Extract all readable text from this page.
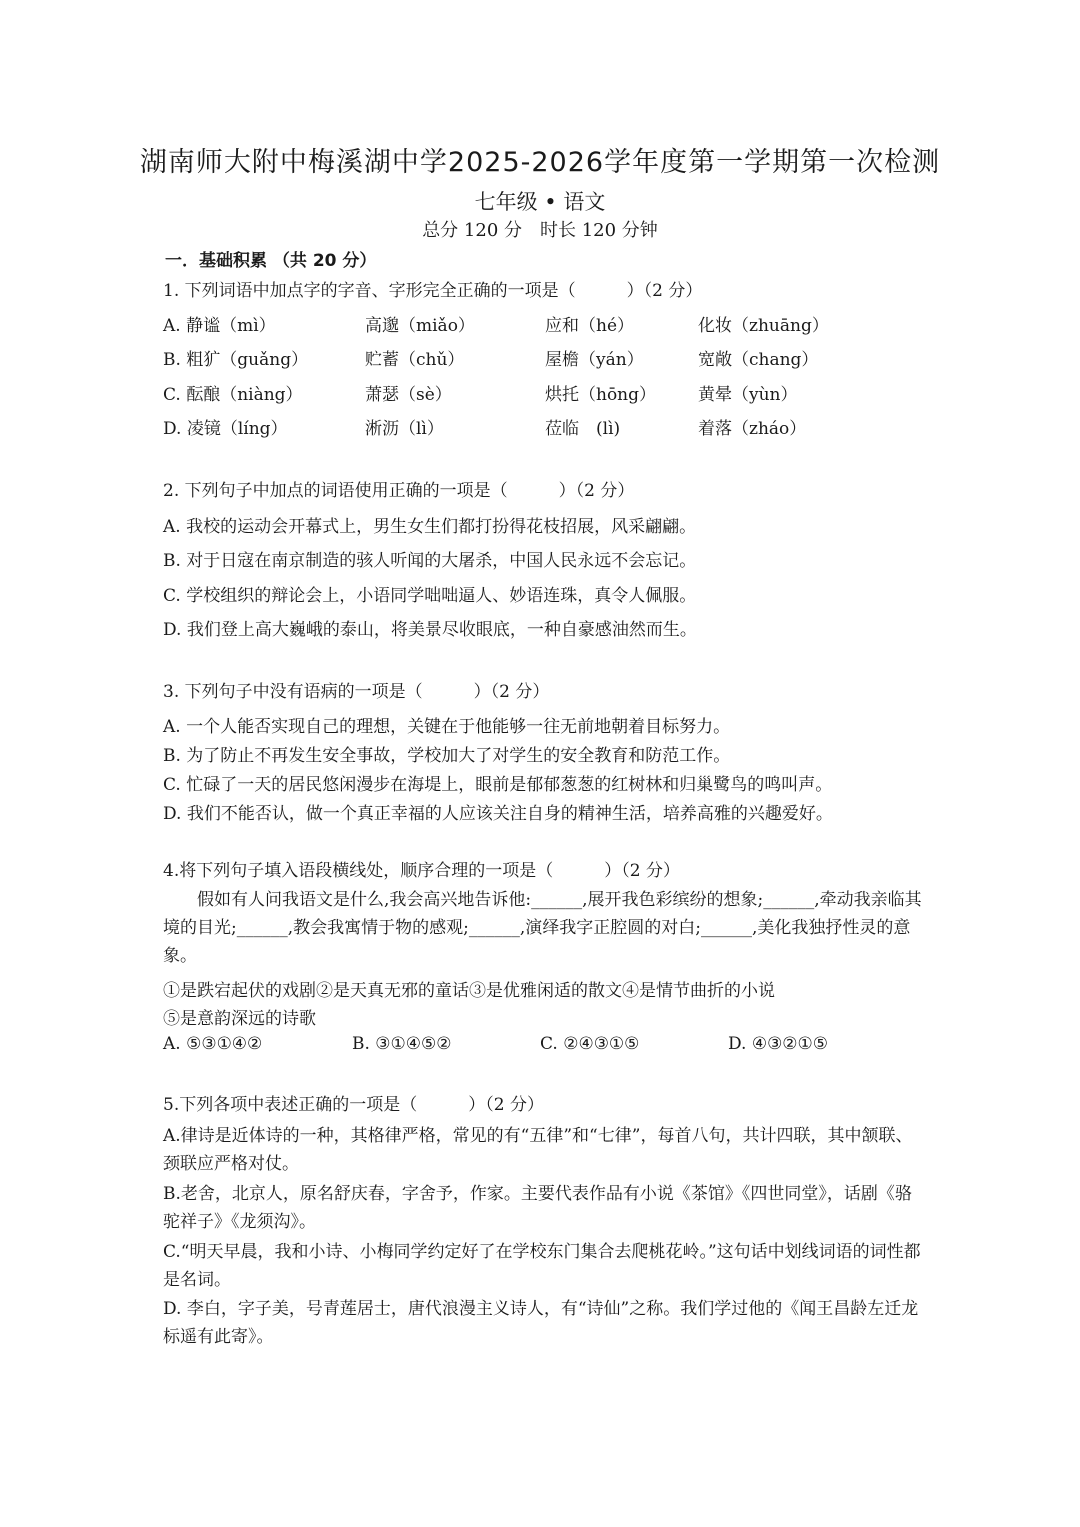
湖南师大附中梅溪湖中学2025-2026学年度第一学期第一次检测
七年级 • 语文
总分 120 分　时长 120 分钟
一．基础积累 （共 20 分）
1. 下列词语中加点字的字音、字形完全正确的一项是（　　　）（2 分）
A. 静谧（mì）	高邈（miǎo）	应和（hé）	化妆（zhuāng）
B. 粗犷（guǎng）	贮蓄（chǔ）	屋檐（yán）	宽敞（chang）
C. 酝酿（niàng）	萧瑟（sè）	烘托（hōng） 黄晕（yùn）
D. 凌镜（líng）	淅沥（lì）	莅临　(lì)	着落（zháo）
2. 下列句子中加点的词语使用正确的一项是（　　　）（2 分）
A. 我校的运动会开幕式上，男生女生们都打扮得花枝招展，风采翩翩。
B. 对于日寇在南京制造的骇人听闻的大屠杀，中国人民永远不会忘记。
C. 学校组织的辩论会上，小语同学咄咄逼人、妙语连珠，真令人佩服。
D. 我们登上高大巍峨的泰山，将美景尽收眼底，一种自豪感油然而生。
3. 下列句子中没有语病的一项是（　　　）（2 分）
A. 一个人能否实现自己的理想，关键在于他能够一往无前地朝着目标努力。
B. 为了防止不再发生安全事故，学校加大了对学生的安全教育和防范工作。
C. 忙碌了一天的居民悠闲漫步在海堤上，眼前是郁郁葱葱的红树林和归巢鹭鸟的鸣叫声。
D. 我们不能否认，做一个真正幸福的人应该关注自身的精神生活，培养高雅的兴趣爱好。
4.将下列句子填入语段横线处，顺序合理的一项是（　　　）（2 分）
假如有人问我语文是什么,我会高兴地告诉他:______,展开我色彩缤纷的想象;______,牵动我亲临其境的目光;______,教会我寓情于物的感观;______,演绎我字正腔圆的对白;______,美化我独抒性灵的意象。
①是跌宕起伏的戏剧②是天真无邪的童话③是优雅闲适的散文④是情节曲折的小说
⑤是意韵深远的诗歌
A. ⑤③①④②	B. ③①④⑤②	C. ②④③①⑤	D. ④③②①⑤
5.下列各项中表述正确的一项是（　　　）（2 分）
A.律诗是近体诗的一种，其格律严格，常见的有“五律”和“七律”，每首八句，共计四联，其中颔联、颈联应严格对仗。
B.老舍，北京人，原名舒庆春，字舍予，作家。主要代表作品有小说《茶馆》《四世同堂》，话剧《骆驼祥子》《龙须沟》。
C.“明天早晨，我和小诗、小梅同学约定好了在学校东门集合去爬桃花岭。”这句话中划线词语的词性都是名词。
D. 李白，字子美，号青莲居士，唐代浪漫主义诗人，有“诗仙”之称。我们学过他的《闻王昌龄左迁龙标遥有此寄》。
